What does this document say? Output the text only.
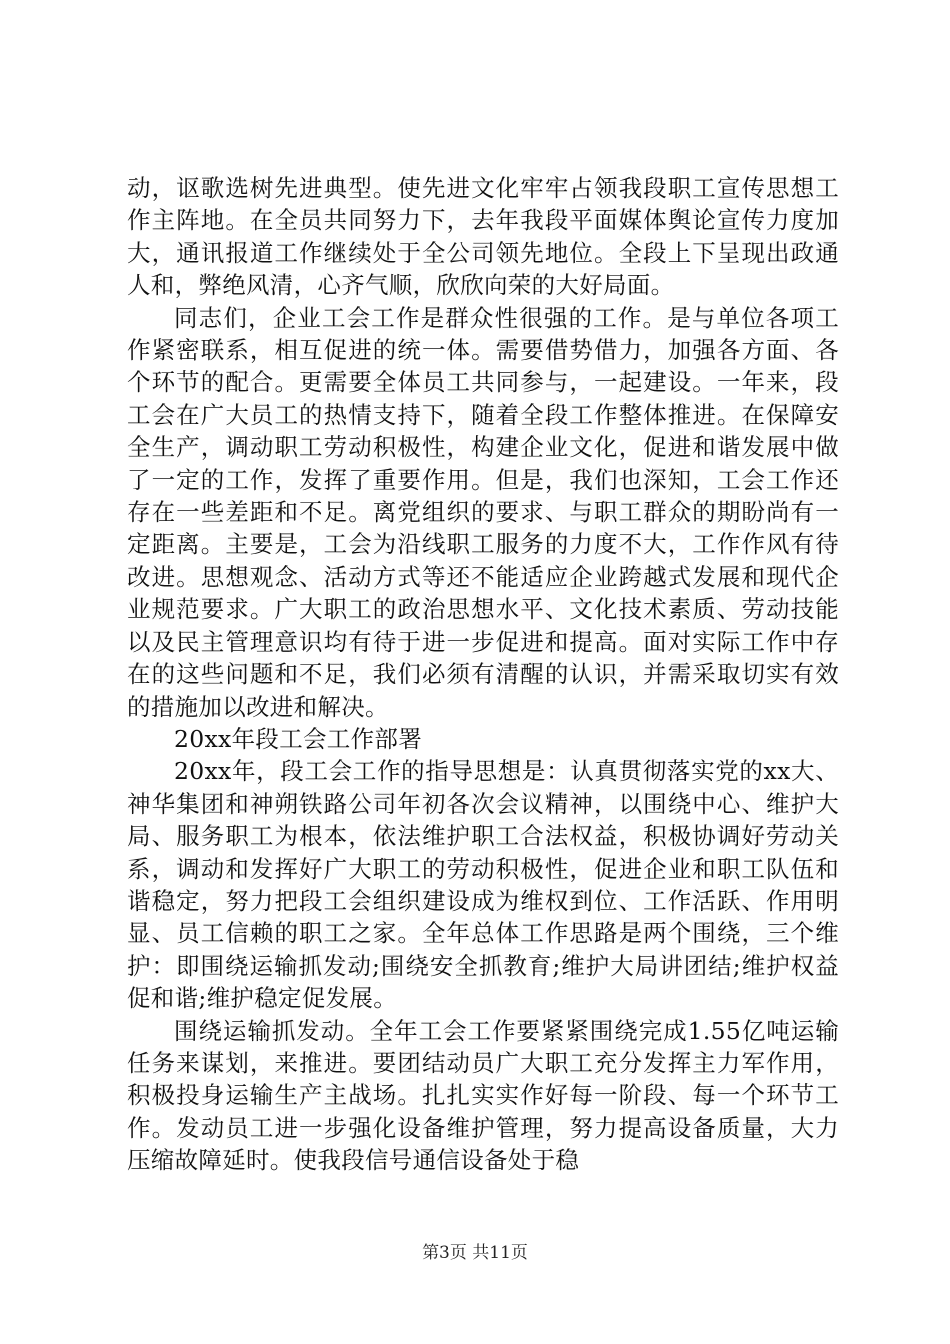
动，讴歌选树先进典型。使先进文化牢牢占领我段职工宣传思想工作主阵地。在全员共同努力下，去年我段平面媒体舆论宣传力度加大，通讯报道工作继续处于全公司领先地位。全段上下呈现出政通人和，弊绝风清，心齐气顺，欣欣向荣的大好局面。

同志们，企业工会工作是群众性很强的工作。是与单位各项工作紧密联系，相互促进的统一体。需要借势借力，加强各方面、各个环节的配合。更需要全体员工共同参与，一起建设。一年来，段工会在广大员工的热情支持下，随着全段工作整体推进。在保障安全生产，调动职工劳动积极性，构建企业文化，促进和谐发展中做了一定的工作，发挥了重要作用。但是，我们也深知，工会工作还存在一些差距和不足。离党组织的要求、与职工群众的期盼尚有一定距离。主要是，工会为沿线职工服务的力度不大，工作作风有待改进。思想观念、活动方式等还不能适应企业跨越式发展和现代企业规范要求。广大职工的政治思想水平、文化技术素质、劳动技能以及民主管理意识均有待于进一步促进和提高。面对实际工作中存在的这些问题和不足，我们必须有清醒的认识，并需采取切实有效的措施加以改进和解决。

20xx年段工会工作部署

20xx年，段工会工作的指导思想是：认真贯彻落实党的xx大、神华集团和神朔铁路公司年初各次会议精神，以围绕中心、维护大局、服务职工为根本，依法维护职工合法权益，积极协调好劳动关系，调动和发挥好广大职工的劳动积极性，促进企业和职工队伍和谐稳定，努力把段工会组织建设成为维权到位、工作活跃、作用明显、员工信赖的职工之家。全年总体工作思路是两个围绕，三个维护：即围绕运输抓发动;围绕安全抓教育;维护大局讲团结;维护权益促和谐;维护稳定促发展。

围绕运输抓发动。全年工会工作要紧紧围绕完成1.55亿吨运输任务来谋划，来推进。要团结动员广大职工充分发挥主力军作用，积极投身运输生产主战场。扎扎实实作好每一阶段、每一个环节工作。发动员工进一步强化设备维护管理，努力提高设备质量，大力压缩故障延时。使我段信号通信设备处于稳

第3页 共11页
